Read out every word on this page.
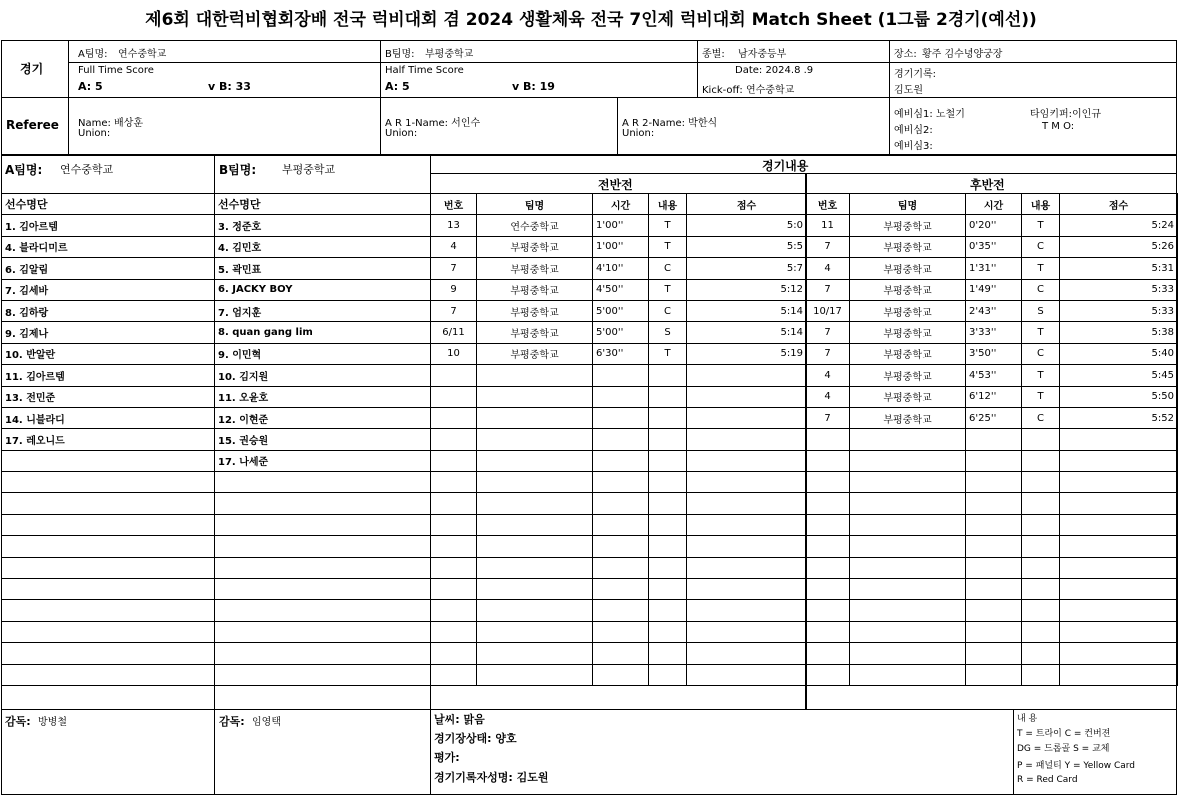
제6회 대한럭비협회장배 전국 럭비대회 겸 2024 생활체육 전국 7인제 럭비대회 Match Sheet (1그룹 2경기(예선))
경기
A팀명: 연수중학교	B팀명: 부평중학교	종별: 남자중등부	장소: 황주 김수녕양궁장
Full Time Score
A: 5	v B: 33
Half Time Score
A: 5	v B: 19
Date: 2024.8 .9
Kick-off: 연수중학교
경기기록:
김도원
Referee Name: 배상훈
Union:
A R 1-Name: 서인수
Union:
A R 2-Name: 박한식
Union:
예비심1: 노철기
예비심2:
예비심3:
타임키퍼:이인규
T M O:
A팀명: 연수중학교	B팀명: 부평중학교	경기내용
전반전	후반전
선수명단
1. 김아르템
4. 블라디미르
6. 김알림
7. 김세바
8. 김하랑
9. 김제나
10. 반알란
11. 김아르템
13. 전민준
14. 니블라디
17. 레오니드

선수명단
3. 정준호
4. 김민호
5. 곽민표
6. JACKY BOY
7. 엄지훈
8. quan gang lim
9. 이민혁
10. 김지원
11. 오윤호
12. 이현준
15. 권승원
17. 나세준

번호	팀명	시간	내용	점수
13	연수중학교	1'00''	T	5:0
4	부평중학교	1'00''	T	5:5
7	부평중학교	4'10''	C	5:7
9	부평중학교	4'50''	T	5:12
7	부평중학교	5'00''	C	5:14
6/11	부평중학교	5'00''	S	5:14
10	부평중학교	6'30''	T	5:19

번호	팀명	시간	내용	점수
11	부평중학교	0'20''	T	5:24
7	부평중학교	0'35''	C	5:26
4	부평중학교	1'31''	T	5:31
7	부평중학교	1'49''	C	5:33
10/17	부평중학교	2'43''	S	5:33
7	부평중학교	3'33''	T	5:38
7	부평중학교	3'50''	C	5:40
4	부평중학교	4'53''	T	5:45
4	부평중학교	6'12''	T	5:50
7	부평중학교	6'25''	C	5:52

감독: 방병철	감독: 임영택	날씨: 맑음
경기장상태: 양호
평가:
경기기록자성명: 김도원
내 용
T = 트라이 C = 컨버젼
DG = 드롭골 S = 교체
P = 패널티 Y = Yellow Card
R = Red Card
